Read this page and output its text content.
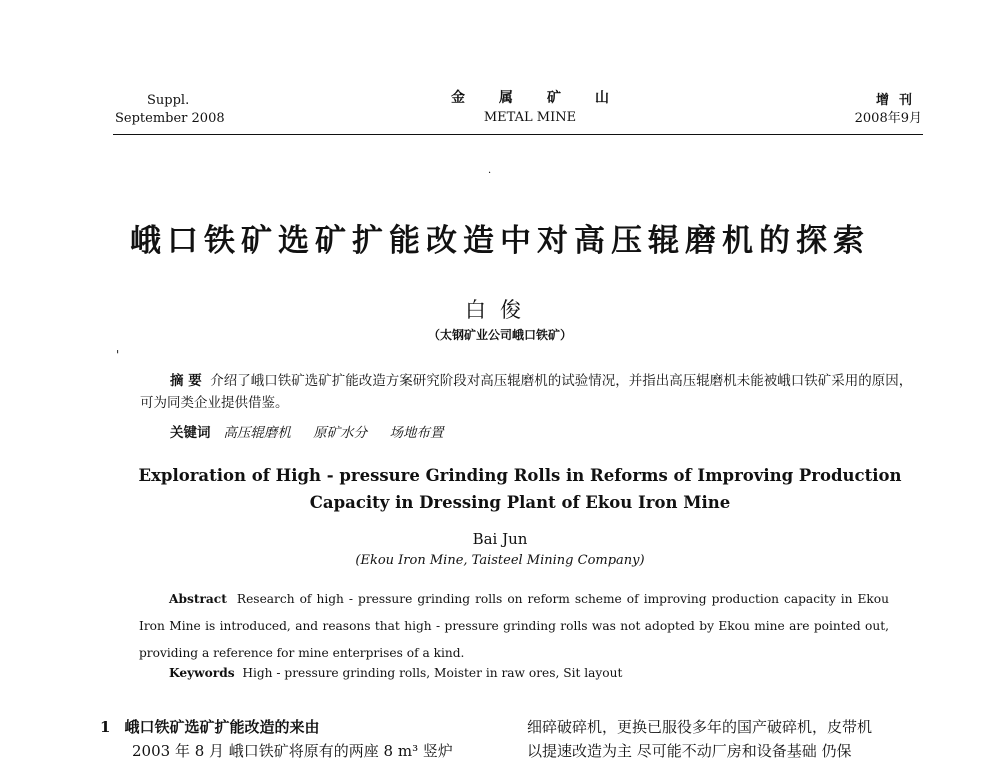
Suppl.
September 2008
金属矿山
METAL MINE
增刊
2008年9月
·
峨口铁矿选矿扩能改造中对高压辊磨机的探索
白俊
（太钢矿业公司峨口铁矿）
'
摘 要 介绍了峨口铁矿选矿扩能改造方案研究阶段对高压辊磨机的试验情况，并指出高压辊磨机未能被峨口铁矿采用的原因，可为同类企业提供借鉴。
关键词 高压辊磨机 原矿水分 场地布置
Exploration of High - pressure Grinding Rolls in Reforms of Improving Production
Capacity in Dressing Plant of Ekou Iron Mine
Bai Jun
(Ekou Iron Mine, Taisteel Mining Company)
Abstract Research of high - pressure grinding rolls on reform scheme of improving production capacity in Ekou Iron Mine is introduced, and reasons that high - pressure grinding rolls was not adopted by Ekou mine are pointed out, providing a reference for mine enterprises of a kind.
Keywords High - pressure grinding rolls, Moister in raw ores, Sit layout
1 峨口铁矿选矿扩能改造的来由
2003 年 8 月 峨口铁矿将原有的两座 8 m³ 竖炉
细碎破碎机，更换已服役多年的国产破碎机，皮带机
以提速改造为主 尽可能不动厂房和设备基础 仍保
